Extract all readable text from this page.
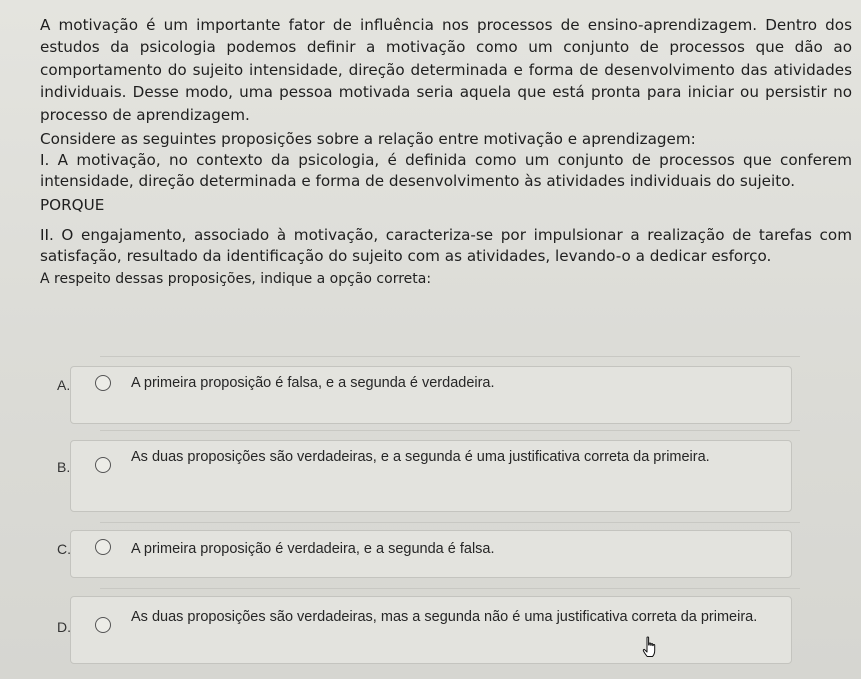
A motivação é um importante fator de influência nos processos de ensino-aprendizagem. Dentro dos estudos da psicologia podemos definir a motivação como um conjunto de processos que dão ao comportamento do sujeito intensidade, direção determinada e forma de desenvolvimento das atividades individuais. Desse modo, uma pessoa motivada seria aquela que está pronta para iniciar ou persistir no processo de aprendizagem.

Considere as seguintes proposições sobre a relação entre motivação e aprendizagem:

I. A motivação, no contexto da psicologia, é definida como um conjunto de processos que conferem intensidade, direção determinada e forma de desenvolvimento às atividades individuais do sujeito.

PORQUE

II. O engajamento, associado à motivação, caracteriza-se por impulsionar a realização de tarefas com satisfação, resultado da identificação do sujeito com as atividades, levando-o a dedicar esforço.

A respeito dessas proposições, indique a opção correta:

A.	A primeira proposição é falsa, e a segunda é verdadeira.
B.
As duas proposições são verdadeiras, e a segunda é uma justificativa correta da primeira.
C.	A primeira proposição é verdadeira, e a segunda é falsa.
D.
As duas proposições são verdadeiras, mas a segunda não é uma justificativa correta da primeira.
